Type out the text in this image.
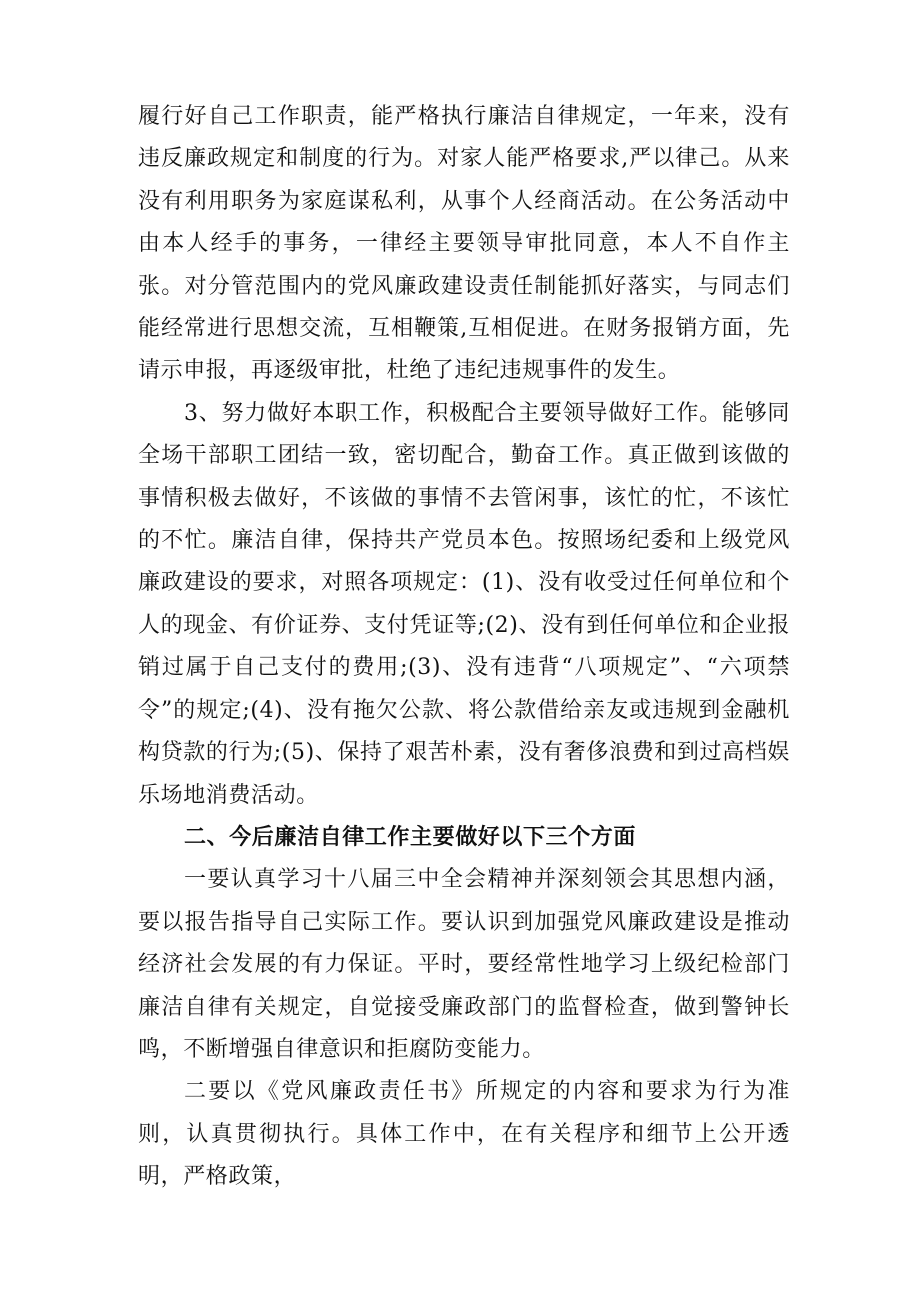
履行好自己工作职责，能严格执行廉洁自律规定，一年来，没有违反廉政规定和制度的行为。对家人能严格要求,严以律己。从来没有利用职务为家庭谋私利，从事个人经商活动。在公务活动中由本人经手的事务，一律经主要领导审批同意，本人不自作主张。对分管范围内的党风廉政建设责任制能抓好落实，与同志们能经常进行思想交流，互相鞭策,互相促进。在财务报销方面，先请示申报，再逐级审批，杜绝了违纪违规事件的发生。

3、努力做好本职工作，积极配合主要领导做好工作。能够同全场干部职工团结一致，密切配合，勤奋工作。真正做到该做的事情积极去做好，不该做的事情不去管闲事，该忙的忙，不该忙的不忙。廉洁自律，保持共产党员本色。按照场纪委和上级党风廉政建设的要求，对照各项规定：(1)、没有收受过任何单位和个人的现金、有价证券、支付凭证等;(2)、没有到任何单位和企业报销过属于自己支付的费用;(3)、没有违背“八项规定”、“六项禁令”的规定;(4)、没有拖欠公款、将公款借给亲友或违规到金融机构贷款的行为;(5)、保持了艰苦朴素，没有奢侈浪费和到过高档娱乐场地消费活动。

二、今后廉洁自律工作主要做好以下三个方面

一要认真学习十八届三中全会精神并深刻领会其思想内涵，要以报告指导自己实际工作。要认识到加强党风廉政建设是推动经济社会发展的有力保证。平时，要经常性地学习上级纪检部门廉洁自律有关规定，自觉接受廉政部门的监督检查，做到警钟长鸣，不断增强自律意识和拒腐防变能力。

二要以《党风廉政责任书》所规定的内容和要求为行为准则，认真贯彻执行。具体工作中，在有关程序和细节上公开透明，严格政策，
